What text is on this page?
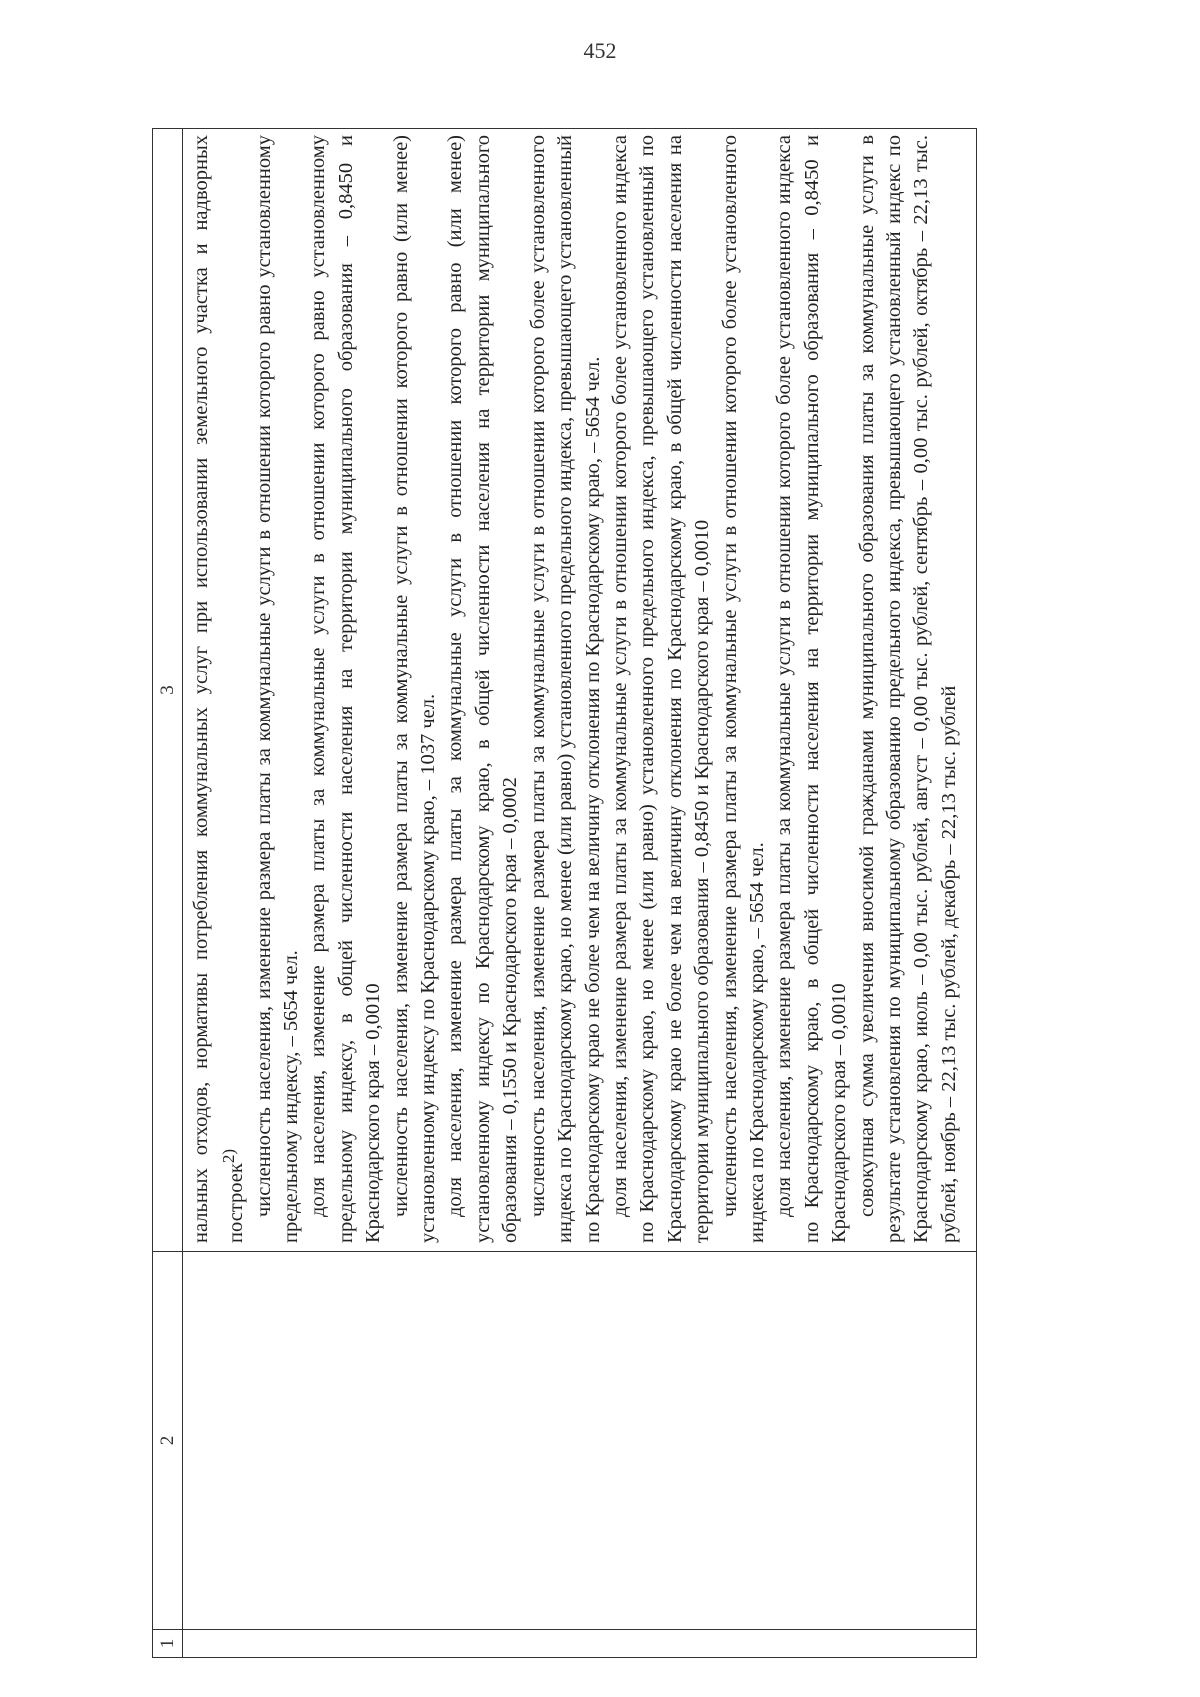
452
1
2
3 нальных отходов, нормативы потребления коммунальных услуг при использовании земельного участка и надворных построек$^{2)}$ численность населения, изменение размера платы за коммунальные услуги в отношении которого равно установленному предельному индексу, – 5654 чел. доля населения, изменение размера платы за коммунальные услуги в отношении которого равно установленному предельному индексу, в общей численности населения на территории муниципального образования – 0,8450 и Краснодарского края – 0,0010 численность населения, изменение размера платы за коммунальные услуги в отношении которого равно (или менее) установленному индексу по Краснодарскому краю, – 1037 чел. доля населения, изменение размера платы за коммунальные услуги в отношении которого равно (или менее) установленному индексу по Краснодарскому краю, в общей численности населения на территории муниципального образования – 0,1550 и Краснодарского края – 0,0002 численность населения, изменение размера платы за коммунальные услуги в отношении которого более установленного индекса по Краснодарскому краю, но менее (или равно) установленного предельного индекса, превышающего установленный по Краснодарскому краю не более чем на величину отклонения по Краснодарскому краю, – 5654 чел. доля населения, изменение размера платы за коммунальные услуги в отношении которого более установленного индекса по Краснодарскому краю, но менее (или равно) установленного предельного индекса, превышающего установленный по Краснодарскому краю не более чем на величину отклонения по Краснодарскому краю, в общей численности населения на территории муниципального образования – 0,8450 и Краснодарского края – 0,0010 численность населения, изменение размера платы за коммунальные услуги в отношении которого более установленного индекса по Краснодарскому краю, – 5654 чел. доля населения, изменение размера платы за коммунальные услуги в отношении которого более установленного индекса по Краснодарскому краю, в общей численности населения на территории муниципального образования – 0,8450 и Краснодарского края – 0,0010 совокупная сумма увеличения вносимой гражданами муниципального образования платы за коммунальные услуги в результате установления по муниципальному образованию предельного индекса, превышающего установленный индекс по Краснодарскому краю, июль – 0,00 тыс. рублей, август – 0,00 тыс. рублей, сентябрь – 0,00 тыс. рублей, октябрь – 22,13 тыс. рублей, ноябрь – 22,13 тыс. рублей, декабрь – 22,13 тыс. рублей
